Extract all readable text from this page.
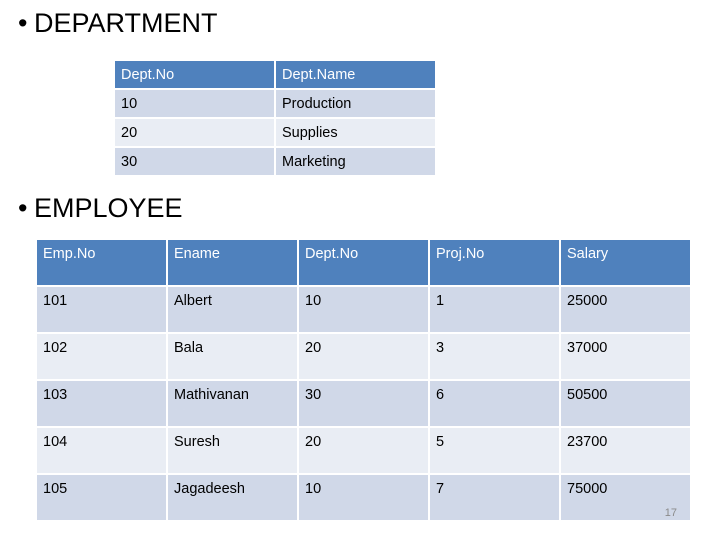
• DEPARTMENT
Dept.No	Dept.Name
10	Production
20	Supplies
30	Marketing
• EMPLOYEE
Emp.No	Ename	Dept.No	Proj.No	Salary
101	Albert	10	1	25000
102	Bala	20	3	37000
103	Mathivanan	30	6	50500
104	Suresh	20	5	23700
105	Jagadeesh	10	7	75000
17
